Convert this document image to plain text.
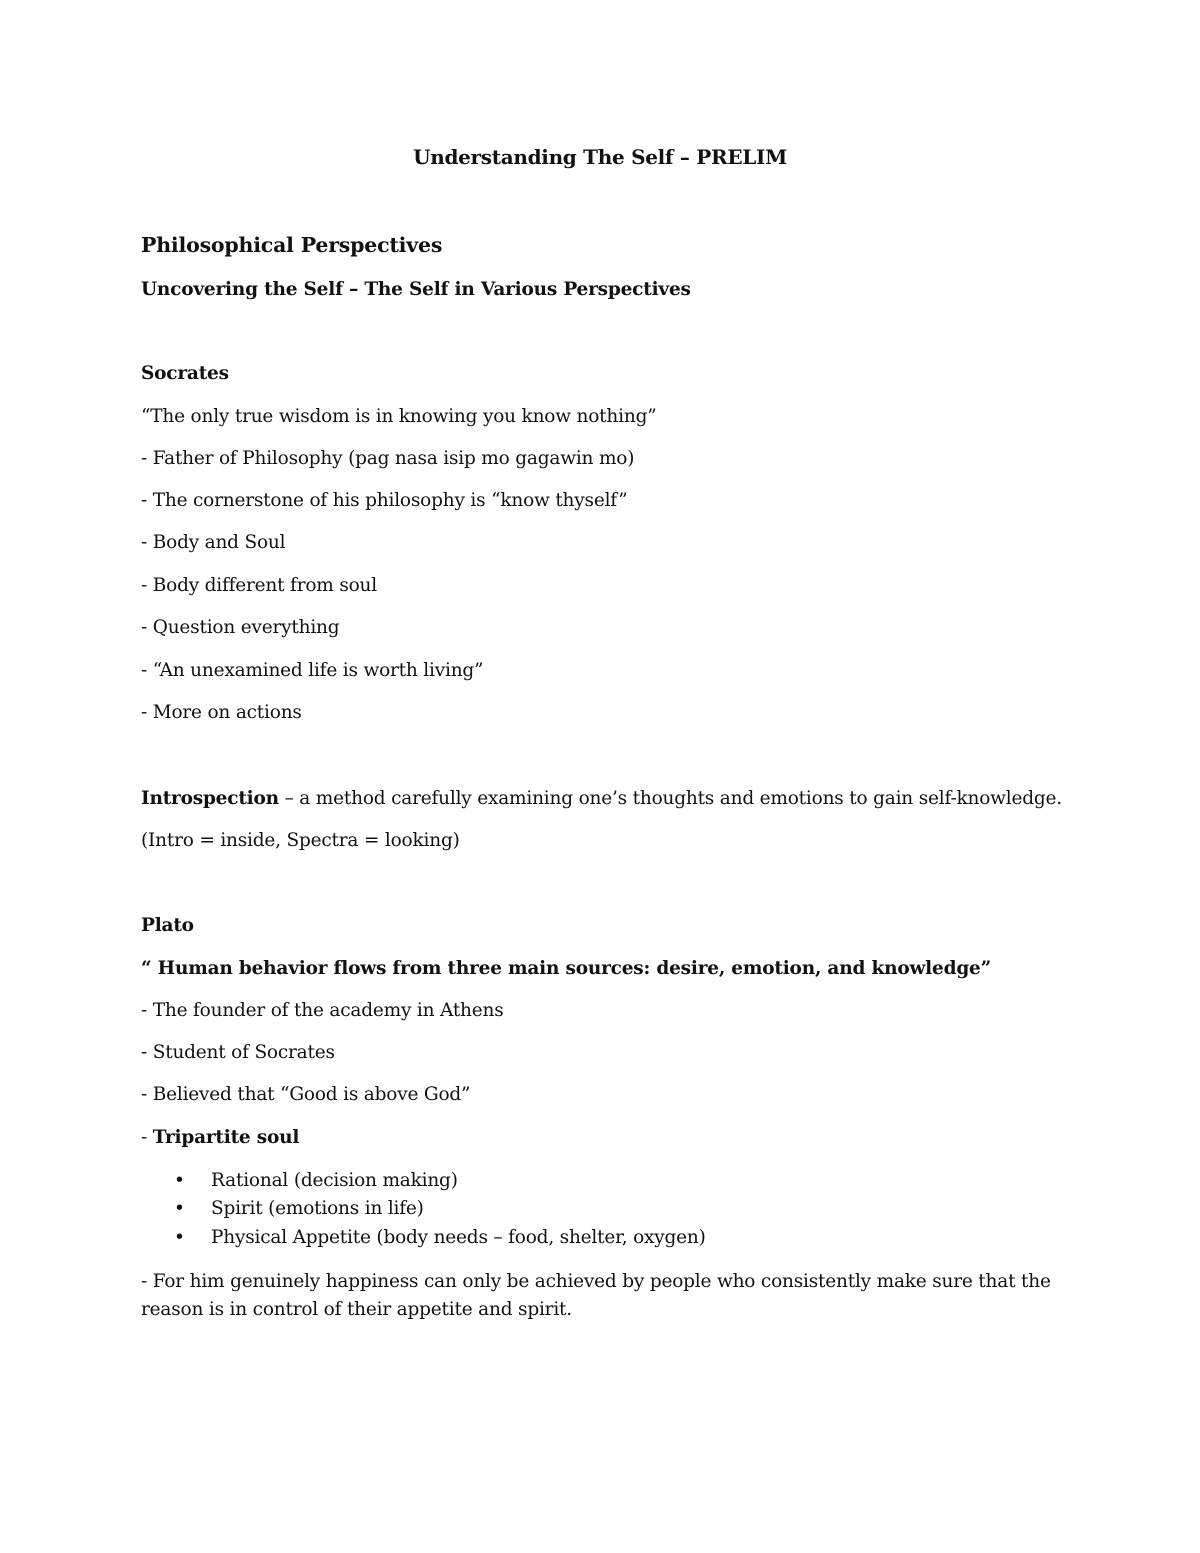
Understanding The Self – PRELIM
Philosophical Perspectives
Uncovering the Self – The Self in Various Perspectives
Socrates
“The only true wisdom is in knowing you know nothing”
- Father of Philosophy (pag nasa isip mo gagawin mo)
- The cornerstone of his philosophy is “know thyself”
- Body and Soul
- Body different from soul
- Question everything
- “An unexamined life is worth living”
- More on actions
Introspection – a method carefully examining one’s thoughts and emotions to gain self-knowledge.
(Intro = inside, Spectra = looking)
Plato
“ Human behavior flows from three main sources: desire, emotion, and knowledge”
- The founder of the academy in Athens
- Student of Socrates
- Believed that “Good is above God”
- Tripartite soul
• Rational (decision making)
• Spirit (emotions in life)
• Physical Appetite (body needs – food, shelter, oxygen)
- For him genuinely happiness can only be achieved by people who consistently make sure that the reason is in control of their appetite and spirit.
